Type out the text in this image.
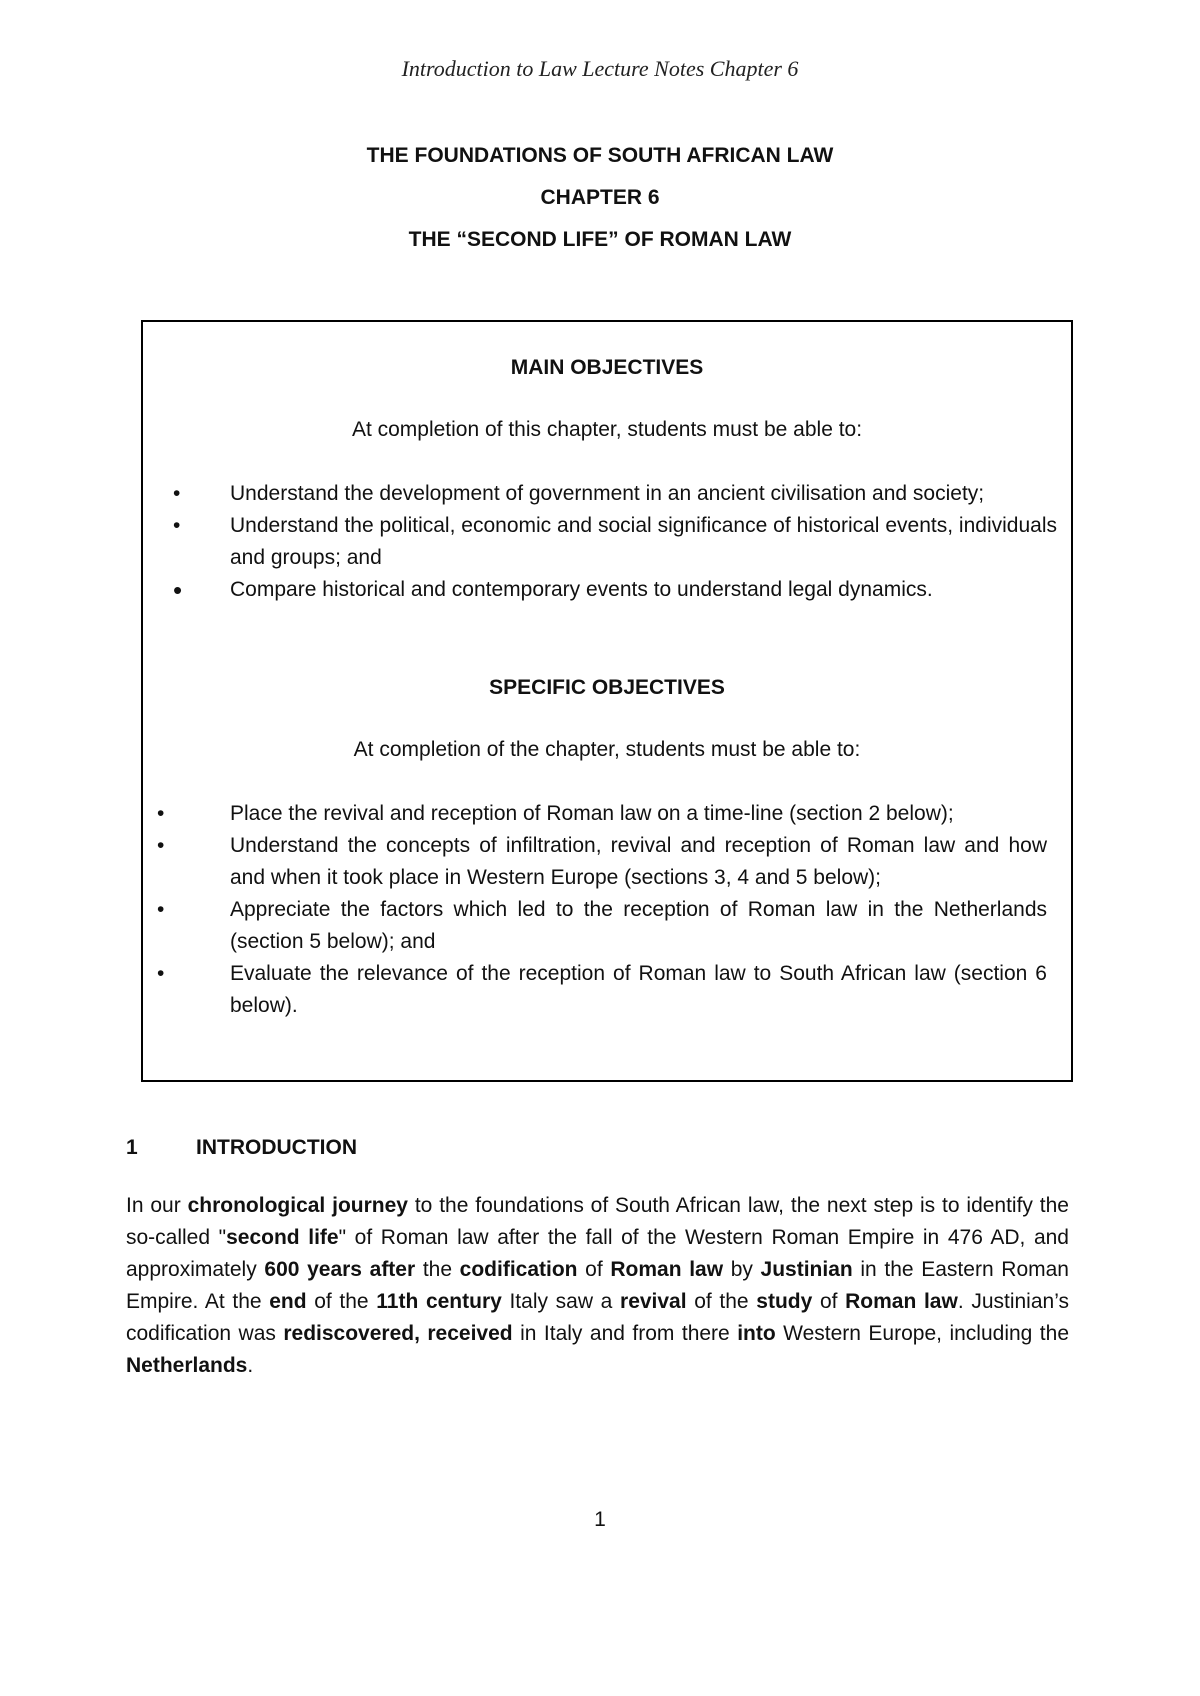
Introduction to Law Lecture Notes Chapter 6
THE FOUNDATIONS OF SOUTH AFRICAN LAW
CHAPTER 6
THE “SECOND LIFE” OF ROMAN LAW
MAIN OBJECTIVES
At completion of this chapter, students must be able to:
• Understand the development of government in an ancient civilisation and society;
• Understand the political, economic and social significance of historical events, individuals and groups; and
• Compare historical and contemporary events to understand legal dynamics.
SPECIFIC OBJECTIVES
At completion of the chapter, students must be able to:
•	Place the revival and reception of Roman law on a time-line (section 2 below);
•	Understand the concepts of infiltration, revival and reception of Roman law and how and when it took place in Western Europe (sections 3, 4 and 5 below);
•	Appreciate the factors which led to the reception of Roman law in the Netherlands (section 5 below); and
•	Evaluate the relevance of the reception of Roman law to South African law (section 6 below).
1	INTRODUCTION
In our chronological journey to the foundations of South African law, the next step is to identify the so-called "second life" of Roman law after the fall of the Western Roman Empire in 476 AD, and approximately 600 years after the codification of Roman law by Justinian in the Eastern Roman Empire. At the end of the 11th century Italy saw a revival of the study of Roman law. Justinian’s codification was rediscovered, received in Italy and from there into Western Europe, including the Netherlands.
1
